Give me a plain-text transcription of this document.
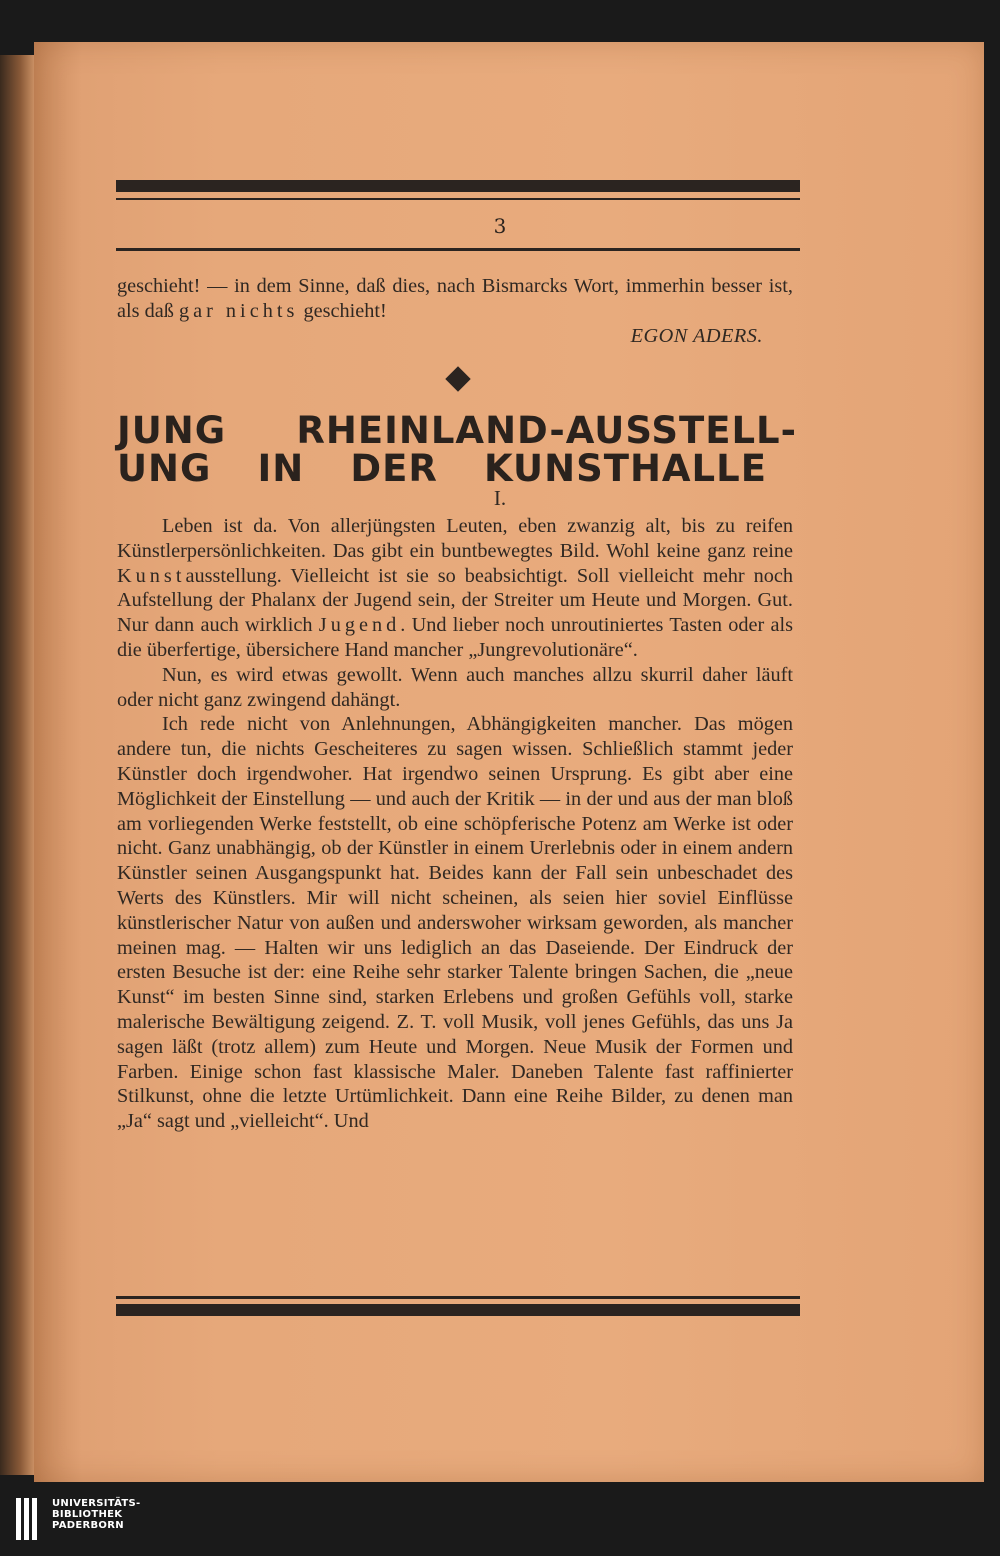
3

geschieht! — in dem Sinne, daß dies, nach Bismarcks Wort, immerhin besser ist, als daß gar nichts geschieht!

EGON ADERS.

JUNG RHEINLAND-AUSSTELL-
UNG IN DER KUNSTHALLE
I.

Leben ist da. Von allerjüngsten Leuten, eben zwanzig alt, bis zu reifen Künstlerpersönlichkeiten. Das gibt ein buntbewegtes Bild. Wohl keine ganz reine Kunstausstellung. Vielleicht ist sie so beabsichtigt. Soll vielleicht mehr noch Aufstellung der Phalanx der Jugend sein, der Streiter um Heute und Morgen. Gut. Nur dann auch wirklich Jugend. Und lieber noch unroutiniertes Tasten oder als die überfertige, übersichere Hand mancher „Jungrevolutionäre“.

Nun, es wird etwas gewollt. Wenn auch manches allzu skurril daher läuft oder nicht ganz zwingend dahängt.

Ich rede nicht von Anlehnungen, Abhängigkeiten mancher. Das mögen andere tun, die nichts Gescheiteres zu sagen wissen. Schließlich stammt jeder Künstler doch irgendwoher. Hat irgendwo seinen Ursprung. Es gibt aber eine Möglichkeit der Einstellung — und auch der Kritik — in der und aus der man bloß am vorliegenden Werke feststellt, ob eine schöpferische Potenz am Werke ist oder nicht. Ganz unabhängig, ob der Künstler in einem Urerlebnis oder in einem andern Künstler seinen Ausgangspunkt hat. Beides kann der Fall sein unbeschadet des Werts des Künstlers. Mir will nicht scheinen, als seien hier soviel Einflüsse künstlerischer Natur von außen und anderswoher wirksam geworden, als mancher meinen mag. — Halten wir uns lediglich an das Daseiende. Der Eindruck der ersten Besuche ist der: eine Reihe sehr starker Talente bringen Sachen, die „neue Kunst“ im besten Sinne sind, starken Erlebens und großen Gefühls voll, starke malerische Bewältigung zeigend. Z. T. voll Musik, voll jenes Gefühls, das uns Ja sagen läßt (trotz allem) zum Heute und Morgen. Neue Musik der Formen und Farben. Einige schon fast klassische Maler. Daneben Talente fast raffinierter Stilkunst, ohne die letzte Urtümlichkeit. Dann eine Reihe Bilder, zu denen man „Ja“ sagt und „vielleicht“. Und

UNIVERSITÄTS-
BIBLIOTHEK
PADERBORN
